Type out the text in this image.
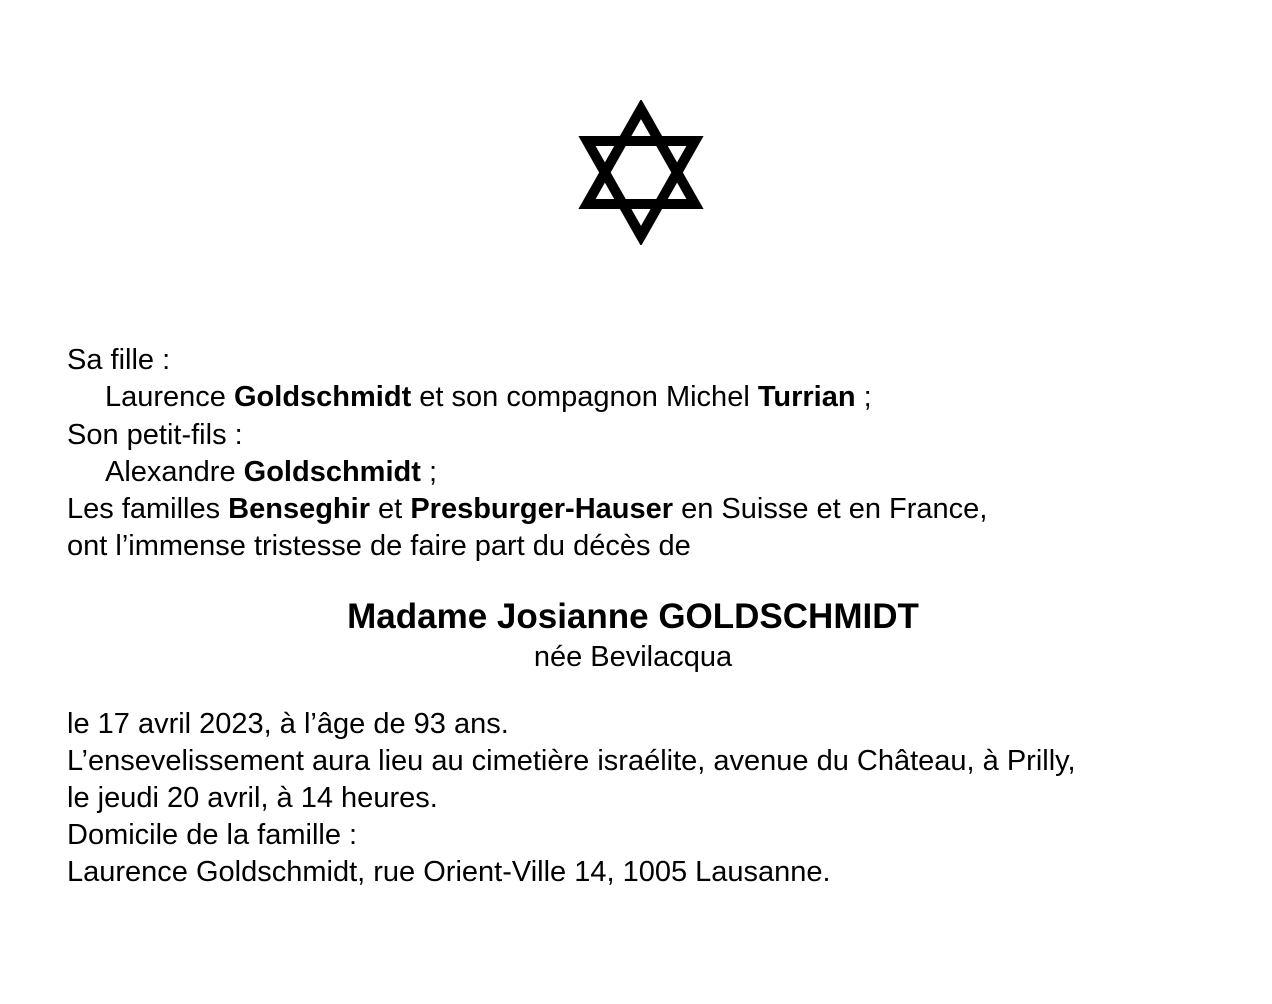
Sa fille :
Laurence Goldschmidt et son compagnon Michel Turrian ;
Son petit-fils :
Alexandre Goldschmidt ;
Les familles Benseghir et Presburger-Hauser en Suisse et en France,
ont l’immense tristesse de faire part du décès de
Madame Josianne GOLDSCHMIDT
née Bevilacqua
le 17 avril 2023, à l’âge de 93 ans.
L’ensevelissement aura lieu au cimetière israélite, avenue du Château, à Prilly,
le jeudi 20 avril, à 14 heures.
Domicile de la famille :
Laurence Goldschmidt, rue Orient-Ville 14, 1005 Lausanne.
